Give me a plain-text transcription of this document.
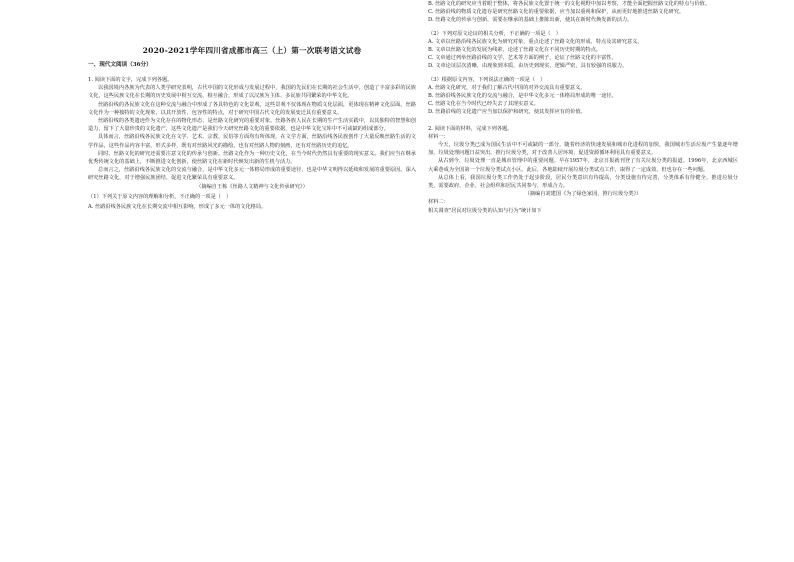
2020-2021学年四川省成都市高三（上）第一次联考语文试卷
一、现代文阅读（36分）

1. 阅读下面的文字，完成下列各题。

以我国境内各族为代表的人类学研究表明，古代中国的文化形成与发展过程中，我国的先民们在长期的社会生活中，创造了丰富多彩的民族文化，这些民族文化在长期的历史发展中相互交流、相互融合，形成了以汉族为主体、多民族共同繁荣的中华文化。

丝路沿线的各民族文化在这种交流与融合中形成了各具特色的文化景观，这些景观不仅体现在物质文化层面，更体现在精神文化层面。丝路文化作为一种独特的文化现象，以其开放性、包容性的特点，对于研究中国古代文化的发展变迁具有重要意义。

丝路沿线的各类遗迹作为文化存在的物化形态，是丝路文化研究的重要对象。丝路各族人民在长期的生产生活实践中，以其独特的智慧和创造力，留下了大量珍贵的文化遗产，这些文化遗产是我们今天研究丝路文化的重要依据，也是中华文化宝库中不可或缺的组成部分。

具体而言，丝路沿线各民族文化在文学、艺术、宗教、民俗等方面均有所体现。在文学方面，丝路沿线各民族创作了大量反映丝路生活的文学作品，这些作品内容丰富，形式多样，既有对丝路风光的描绘，也有对丝路人物的刻画，还有对丝路历史的追忆。

同时，丝路文化的研究还需要注意文化的传承与创新。丝路文化作为一种历史文化，在当今时代仍然具有重要的现实意义。我们应当在继承优秀传统文化的基础上，不断推进文化创新，使丝路文化在新时代焕发出新的生机与活力。

总而言之，丝路沿线各民族文化的交流与融合，是中华文化多元一体格局形成的重要途径，也是中华文明得以延续和发展的重要原因。深入研究丝路文化，对于增强民族团结、促进文化繁荣具有重要意义。

（摘编自王栋《丝路人文精神与文化传承研究》）

（1）下列关于原文内容的理解和分析，不正确的一项是（　）

A. 丝路沿线各民族文化在长期交流中相互影响，形成了多元一体的文化格局。

B. 丝路文化的研究应当着眼于整体，将各民族文化置于统一的文化视野中加以考察，才能全面把握丝路文化的特点与价值。

C. 丝路沿线的物质文化遗存是研究丝路文化的重要依据，应当加以重视和保护，从而更好地推进丝路文化研究。

D. 丝路文化的传承与创新，需要在继承的基础上推陈出新，使其在新时代焕发新的活力。

（2）下列对原文论证的相关分析，不正确的一项是（　）

A. 文章以丝路沿线各民族文化为研究对象，重点论述了丝路文化的形成、特点及其研究意义。

B. 文章以丝路文化的发展为线索，论述了丝路文化在不同历史时期的特点。

C. 文章通过列举丝路沿线的文学、艺术等方面的例子，论证了丝路文化的丰富性。

D. 文章论证层次清晰，由现象到本质，由历史到现实，逻辑严密，具有较强的说服力。

（3）根据原文内容，下列说法正确的一项是（　）

A. 丝路文化研究，对于我们了解古代中国的对外交流具有重要意义。

B. 丝路沿线各民族文化的交流与融合，是中华文化多元一体格局形成的唯一途径。

C. 丝路文化在当今时代已经失去了其现实意义。

D. 丝路沿线的文化遗产应当加以保护和研究，使其发挥应有的价值。

2. 阅读下面的材料，完成下列各题。

材料一：

今天，垃圾分类已成为国民生活中不可或缺的一部分。随着经济的快速发展和城市化进程的加快，我国城市生活垃圾产生量逐年增加，垃圾处理问题日益突出。推行垃圾分类，对于改善人居环境、促进资源循环利用具有重要意义。

从古到今，垃圾处理一直是城市管理中的重要问题。早在1957年，北京日报就刊登了有关垃圾分类的报道。1996年，北京西城区大乘巷成为全国第一个垃圾分类试点小区。此后，各地陆续开展垃圾分类试点工作，取得了一定成效，但也存在一些问题。

从总体上看，我国垃圾分类工作仍处于起步阶段，居民分类意识有待提高，分类设施有待完善，分类体系有待健全。推进垃圾分类，需要政府、企业、社会组织和居民共同参与，形成合力。

（摘编自刘建国《为了绿色家园，推行垃圾分类》）

材料二：

相关调查"居民对垃圾分类的认知与行为"统计如下
